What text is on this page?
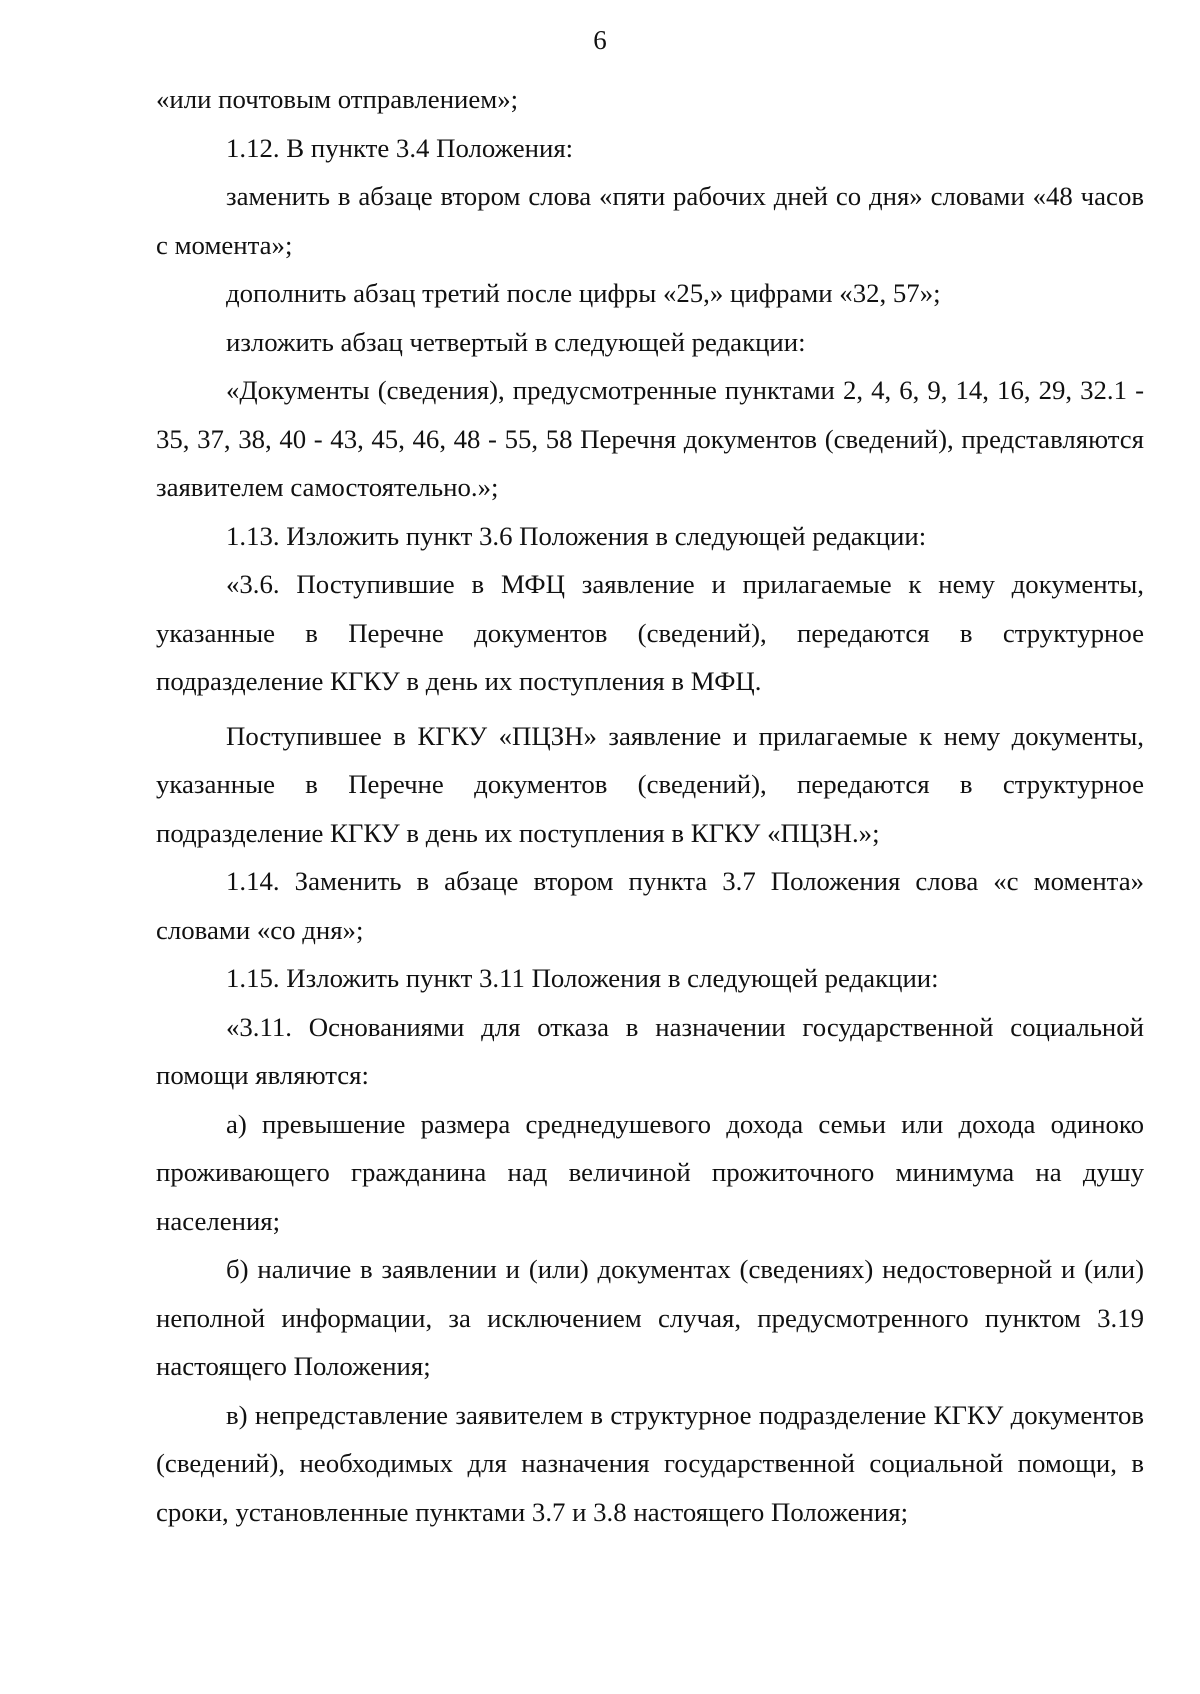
6

«или почтовым отправлением»;

1.12. В пункте 3.4 Положения:

заменить в абзаце втором слова «пяти рабочих дней со дня» словами «48 часов с момента»;

дополнить абзац третий после цифры «25,» цифрами «32, 57»;

изложить абзац четвертый в следующей редакции:

«Документы (сведения), предусмотренные пунктами 2, 4, 6, 9, 14, 16, 29, 32.1 - 35, 37, 38, 40 - 43, 45, 46, 48 - 55, 58 Перечня документов (сведений), представляются заявителем самостоятельно.»;

1.13. Изложить пункт 3.6 Положения в следующей редакции:

«3.6. Поступившие в МФЦ заявление и прилагаемые к нему документы, указанные в Перечне документов (сведений), передаются в структурное подразделение КГКУ в день их поступления в МФЦ.

Поступившее в КГКУ «ПЦЗН» заявление и прилагаемые к нему документы, указанные в Перечне документов (сведений), передаются в структурное подразделение КГКУ в день их поступления в КГКУ «ПЦЗН.»;

1.14. Заменить в абзаце втором пункта 3.7 Положения слова «с момента» словами «со дня»;

1.15. Изложить пункт 3.11 Положения в следующей редакции:

«3.11. Основаниями для отказа в назначении государственной социальной помощи являются:

а) превышение размера среднедушевого дохода семьи или дохода одиноко проживающего гражданина над величиной прожиточного минимума на душу населения;

б) наличие в заявлении и (или) документах (сведениях) недостоверной и (или) неполной информации, за исключением случая, предусмотренного пунктом 3.19 настоящего Положения;

в) непредставление заявителем в структурное подразделение КГКУ документов (сведений), необходимых для назначения государственной социальной помощи, в сроки, установленные пунктами 3.7 и 3.8 настоящего Положения;
